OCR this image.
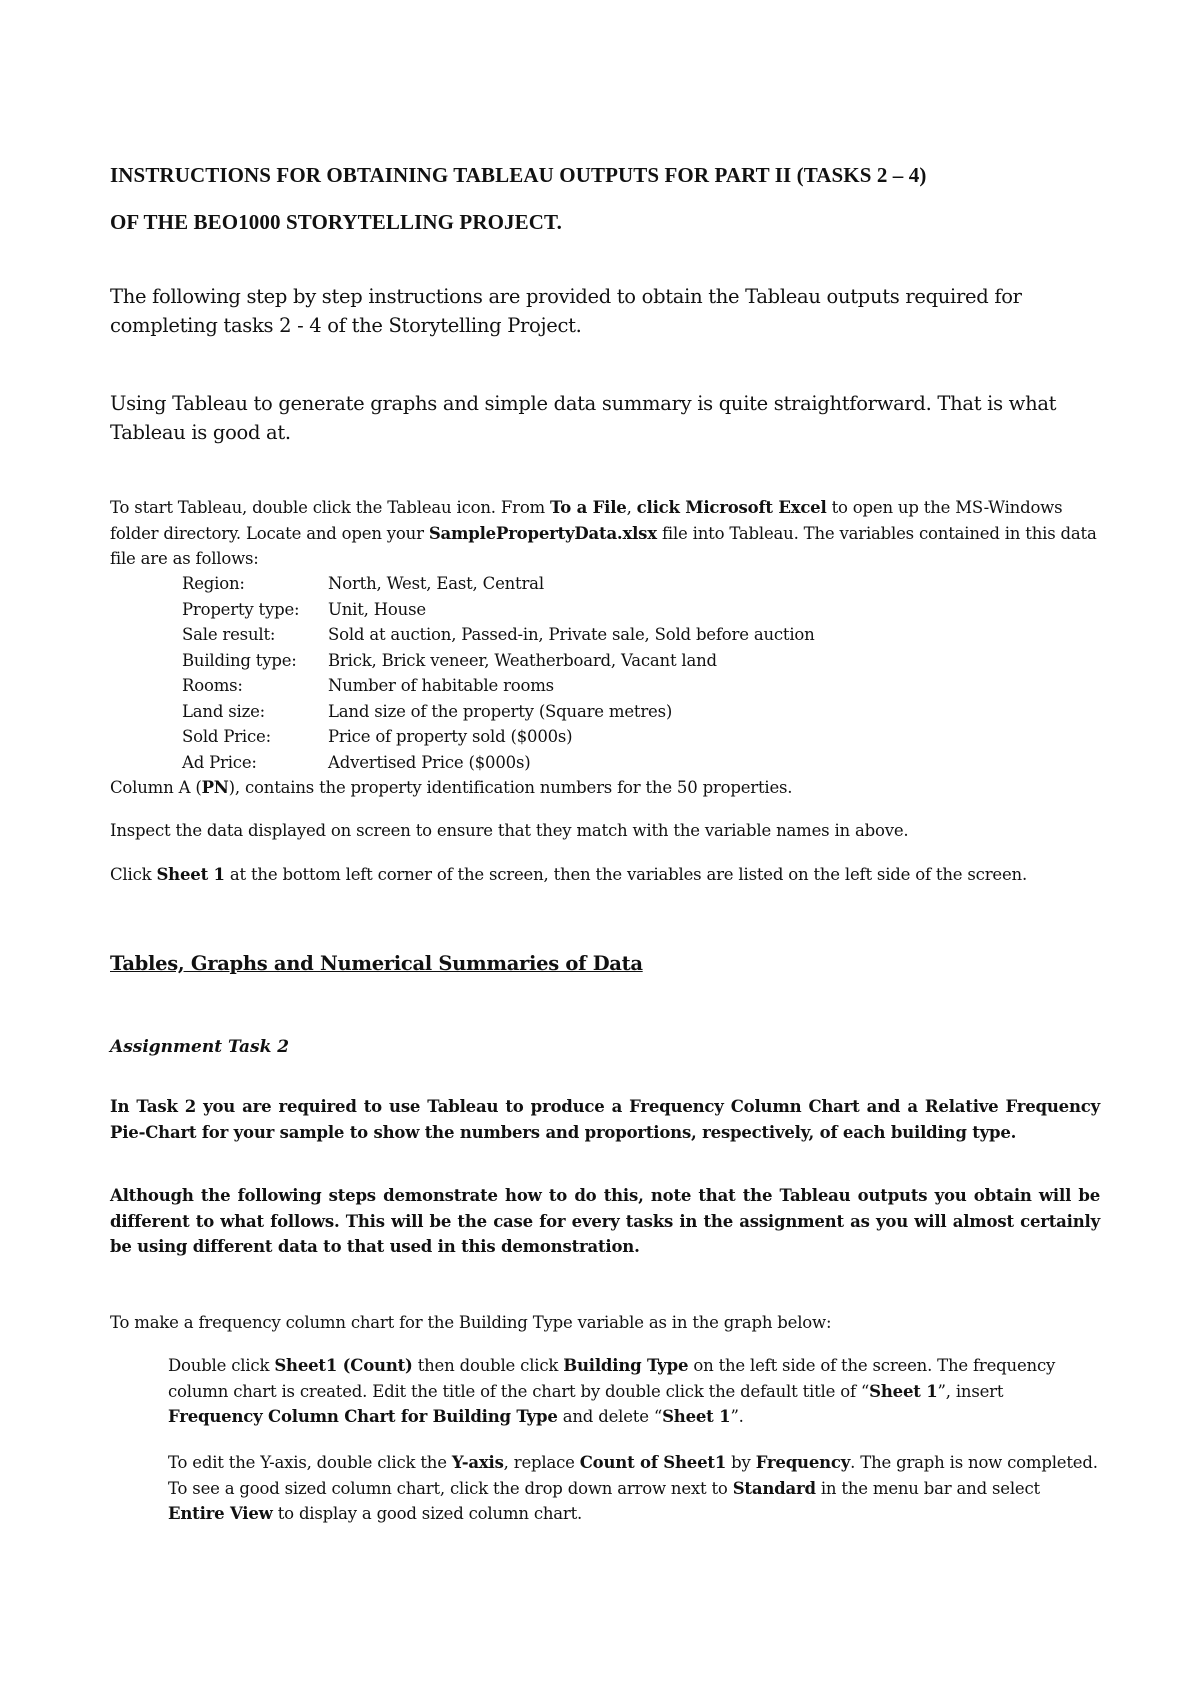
INSTRUCTIONS FOR OBTAINING TABLEAU OUTPUTS FOR PART II (TASKS 2 – 4)
OF THE BEO1000 STORYTELLING PROJECT.
The following step by step instructions are provided to obtain the Tableau outputs required for completing tasks 2 - 4 of the Storytelling Project.
Using Tableau to generate graphs and simple data summary is quite straightforward. That is what Tableau is good at.
To start Tableau, double click the Tableau icon. From To a File, click Microsoft Excel to open up the MS-Windows folder directory. Locate and open your SamplePropertyData.xlsx file into Tableau. The variables contained in this data file are as follows:
Region:	North, West, East, Central
Property type: Unit, House
Sale result:	Sold at auction, Passed-in, Private sale, Sold before auction
Building type: Brick, Brick veneer, Weatherboard, Vacant land
Rooms:	Number of habitable rooms
Land size:	Land size of the property (Square metres)
Sold Price:	Price of property sold ($000s)
Ad Price:	Advertised Price ($000s)
Column A (PN), contains the property identification numbers for the 50 properties.
Inspect the data displayed on screen to ensure that they match with the variable names in above.
Click Sheet 1 at the bottom left corner of the screen, then the variables are listed on the left side of the screen.
Tables, Graphs and Numerical Summaries of Data
Assignment Task 2
In Task 2 you are required to use Tableau to produce a Frequency Column Chart and a Relative Frequency Pie-Chart for your sample to show the numbers and proportions, respectively, of each building type.
Although the following steps demonstrate how to do this, note that the Tableau outputs you obtain will be different to what follows. This will be the case for every tasks in the assignment as you will almost certainly be using different data to that used in this demonstration.
To make a frequency column chart for the Building Type variable as in the graph below:
Double click Sheet1 (Count) then double click Building Type on the left side of the screen. The frequency column chart is created. Edit the title of the chart by double click the default title of “Sheet 1”, insert Frequency Column Chart for Building Type and delete “Sheet 1”.
To edit the Y-axis, double click the Y-axis, replace Count of Sheet1 by Frequency. The graph is now completed. To see a good sized column chart, click the drop down arrow next to Standard in the menu bar and select Entire View to display a good sized column chart.
